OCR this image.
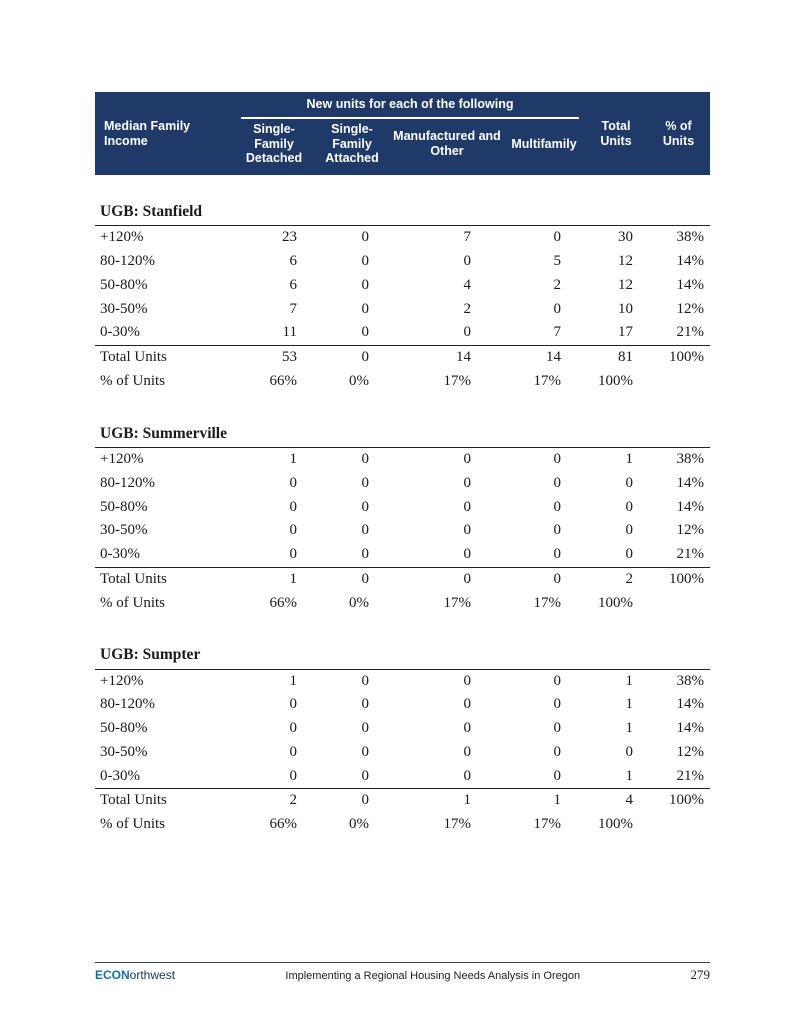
Median Family Income	New units for each of the following				Total Units	% of Units
	Single-Family Detached	Single-Family Attached	Manufactured and Other	Multifamily		
UGB: Stanfield						
+120%	23	0	7	0	30	38%
80-120%	6	0	0	5	12	14%
50-80%	6	0	4	2	12	14%
30-50%	7	0	2	0	10	12%
0-30%	11	0	0	7	17	21%
Total Units	53	0	14	14	81	100%
% of Units	66%	0%	17%	17%	100%	
UGB: Summerville						
+120%	1	0	0	0	1	38%
80-120%	0	0	0	0	0	14%
50-80%	0	0	0	0	0	14%
30-50%	0	0	0	0	0	12%
0-30%	0	0	0	0	0	21%
Total Units	1	0	0	0	2	100%
% of Units	66%	0%	17%	17%	100%	
UGB: Sumpter						
+120%	1	0	0	0	1	38%
80-120%	0	0	0	0	1	14%
50-80%	0	0	0	0	1	14%
30-50%	0	0	0	0	0	12%
0-30%	0	0	0	0	1	21%
Total Units	2	0	1	1	4	100%
% of Units	66%	0%	17%	17%	100%	
ECONorthwest	Implementing a Regional Housing Needs Analysis in Oregon	279
